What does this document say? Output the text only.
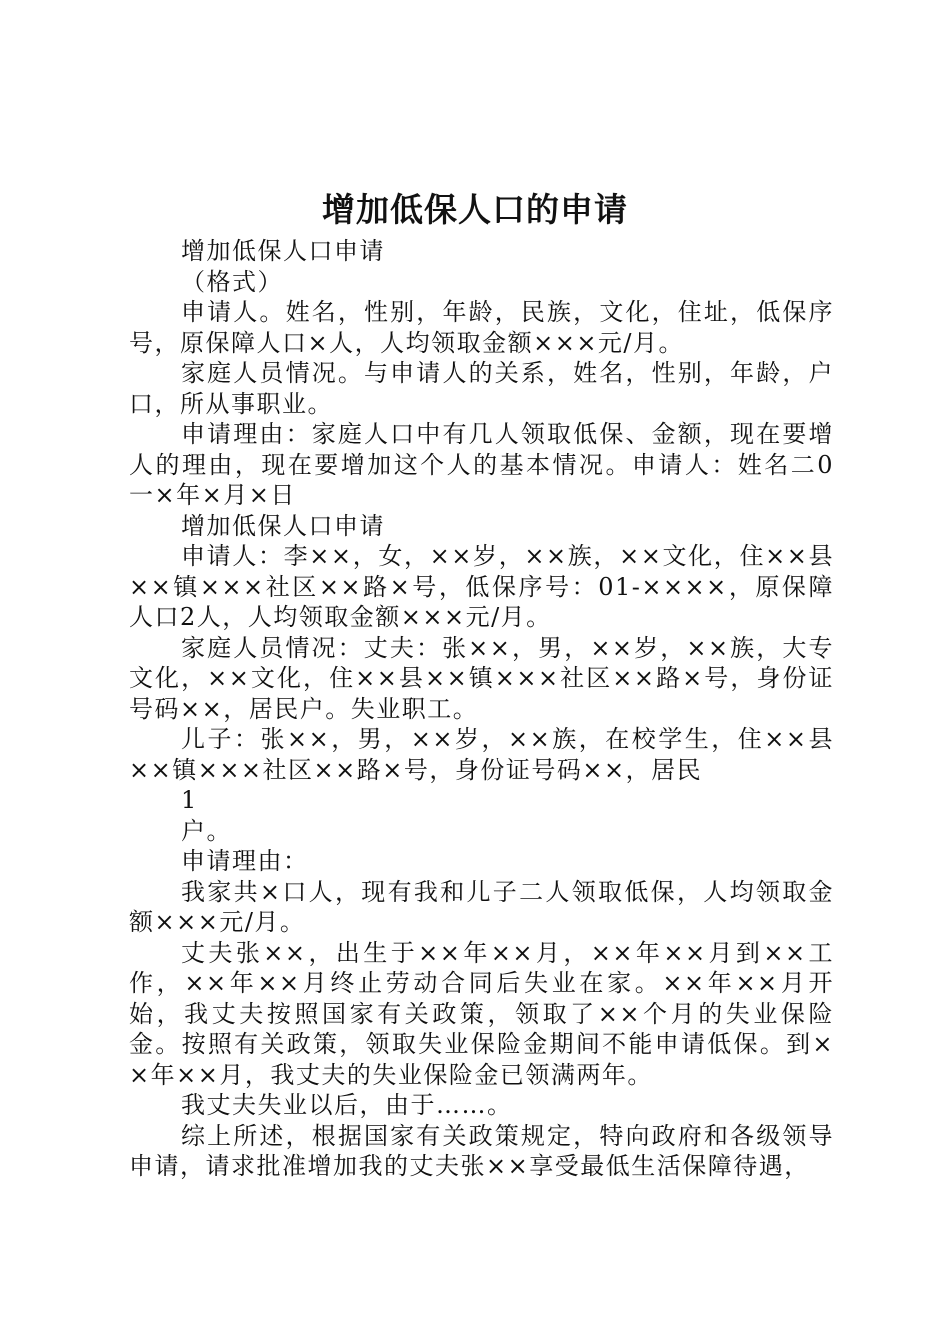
增加低保人口的申请

增加低保人口申请

（格式）

申请人。姓名，性别，年龄，民族，文化，住址，低保序号，原保障人口×人，人均领取金额×××元/月。

家庭人员情况。与申请人的关系，姓名，性别，年龄，户口，所从事职业。

申请理由：家庭人口中有几人领取低保、金额，现在要增人的理由，现在要增加这个人的基本情况。申请人：姓名二0一×年×月×日

增加低保人口申请

申请人：李××，女，××岁，××族，××文化，住××县××镇×××社区××路×号，低保序号：01-××××，原保障人口2人，人均领取金额×××元/月。

家庭人员情况：丈夫：张××，男，××岁，××族，大专文化，××文化，住××县××镇×××社区××路×号，身份证号码××，居民户。失业职工。

儿子：张××，男，××岁，××族，在校学生，住××县××镇×××社区××路×号，身份证号码××，居民

1

户。

申请理由：

我家共×口人，现有我和儿子二人领取低保，人均领取金额×××元/月。

丈夫张××，出生于××年××月，××年××月到××工作，××年××月终止劳动合同后失业在家。××年××月开始，我丈夫按照国家有关政策，领取了××个月的失业保险金。按照有关政策，领取失业保险金期间不能申请低保。到××年××月，我丈夫的失业保险金已领满两年。

我丈夫失业以后，由于……。

综上所述，根据国家有关政策规定，特向政府和各级领导申请，请求批准增加我的丈夫张××享受最低生活保障待遇，
